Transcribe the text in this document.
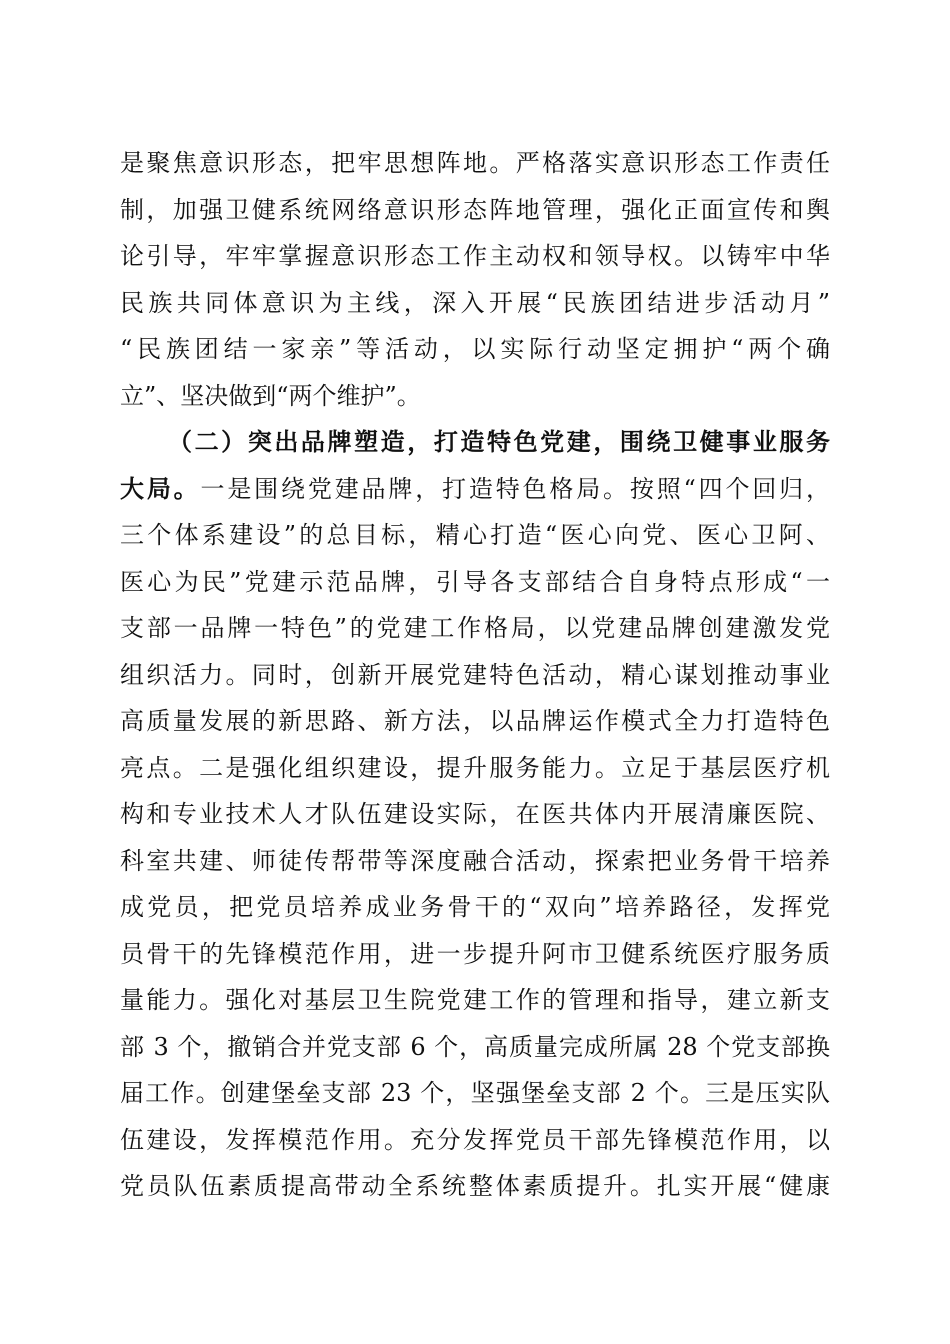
是聚焦意识形态，把牢思想阵地。严格落实意识形态工作责任
制，加强卫健系统网络意识形态阵地管理，强化正面宣传和舆
论引导，牢牢掌握意识形态工作主动权和领导权。以铸牢中华
民族共同体意识为主线，深入开展“民族团结进步活动月”
“民族团结一家亲”等活动，以实际行动坚定拥护“两个确
立”、坚决做到“两个维护”。
（二）突出品牌塑造，打造特色党建，围绕卫健事业服务
大局。一是围绕党建品牌，打造特色格局。按照“四个回归，
三个体系建设”的总目标，精心打造“医心向党、医心卫阿、
医心为民”党建示范品牌，引导各支部结合自身特点形成“一
支部一品牌一特色”的党建工作格局，以党建品牌创建激发党
组织活力。同时，创新开展党建特色活动，精心谋划推动事业
高质量发展的新思路、新方法，以品牌运作模式全力打造特色
亮点。二是强化组织建设，提升服务能力。立足于基层医疗机
构和专业技术人才队伍建设实际，在医共体内开展清廉医院、
科室共建、师徒传帮带等深度融合活动，探索把业务骨干培养
成党员，把党员培养成业务骨干的“双向”培养路径，发挥党
员骨干的先锋模范作用，进一步提升阿市卫健系统医疗服务质
量能力。强化对基层卫生院党建工作的管理和指导，建立新支
部 3 个，撤销合并党支部 6 个，高质量完成所属 28 个党支部换
届工作。创建堡垒支部 23 个，坚强堡垒支部 2 个。三是压实队
伍建设，发挥模范作用。充分发挥党员干部先锋模范作用，以
党员队伍素质提高带动全系统整体素质提升。扎实开展“健康
